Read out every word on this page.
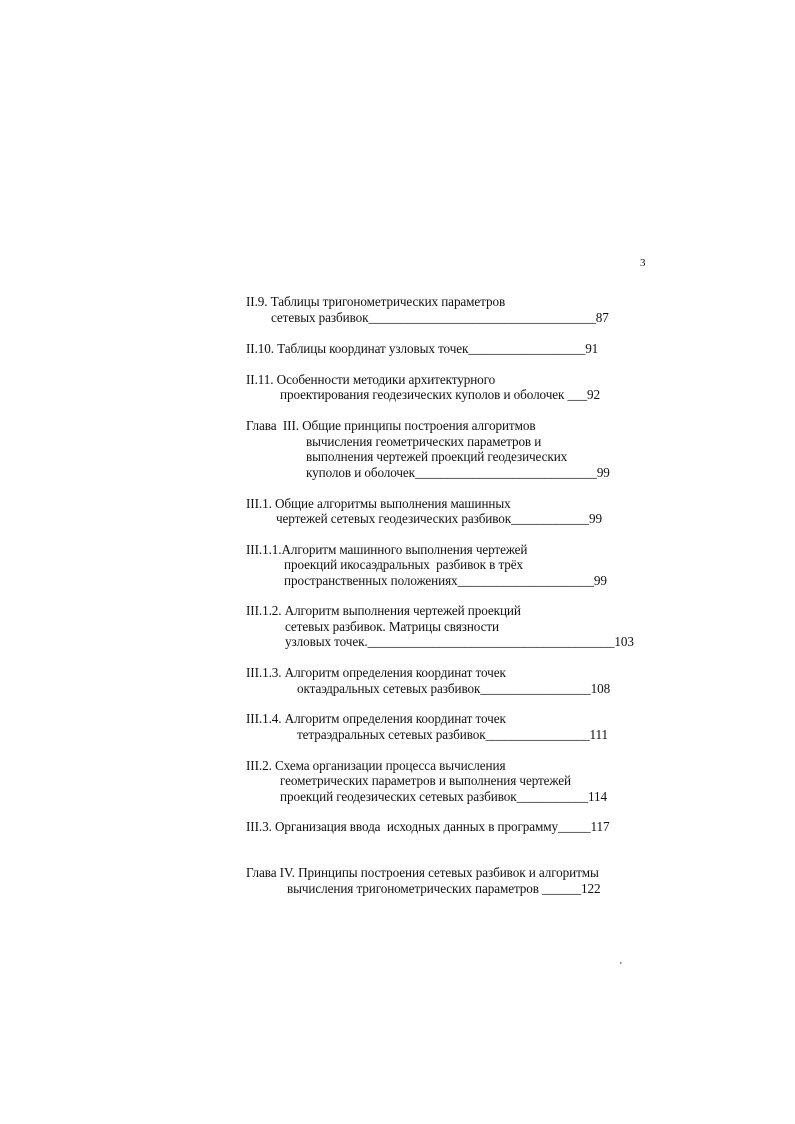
3
II.9. Таблицы тригонометрических параметров
сетевых разбивок___________________________________87
II.10. Таблицы координат узловых точек__________________91
II.11. Особенности методики архитектурного
проектирования геодезических куполов и оболочек ___92
Глава  III. Общие принципы построения алгоритмов
вычисления геометрических параметров и
выполнения чертежей проекций геодезических
куполов и оболочек____________________________99
III.1. Общие алгоритмы выполнения машинных
чертежей сетевых геодезических разбивок____________99
III.1.1.Алгоритм машинного выполнения чертежей
проекций икосаэдральных  разбивок в трёх
пространственных положениях_____________________99
III.1.2. Алгоритм выполнения чертежей проекций
сетевых разбивок. Матрицы связности
узловых точек.______________________________________103
III.1.3. Алгоритм определения координат точек
октаэдральных сетевых разбивок_________________108
III.1.4. Алгоритм определения координат точек
тетраэдральных сетевых разбивок________________111
III.2. Схема организации процесса вычисления
геометрических параметров и выполнения чертежей
проекций геодезических сетевых разбивок___________114
III.3. Организация ввода  исходных данных в программу_____117
Глава IV. Принципы построения сетевых разбивок и алгоритмы
вычисления тригонометрических параметров ______122
'
